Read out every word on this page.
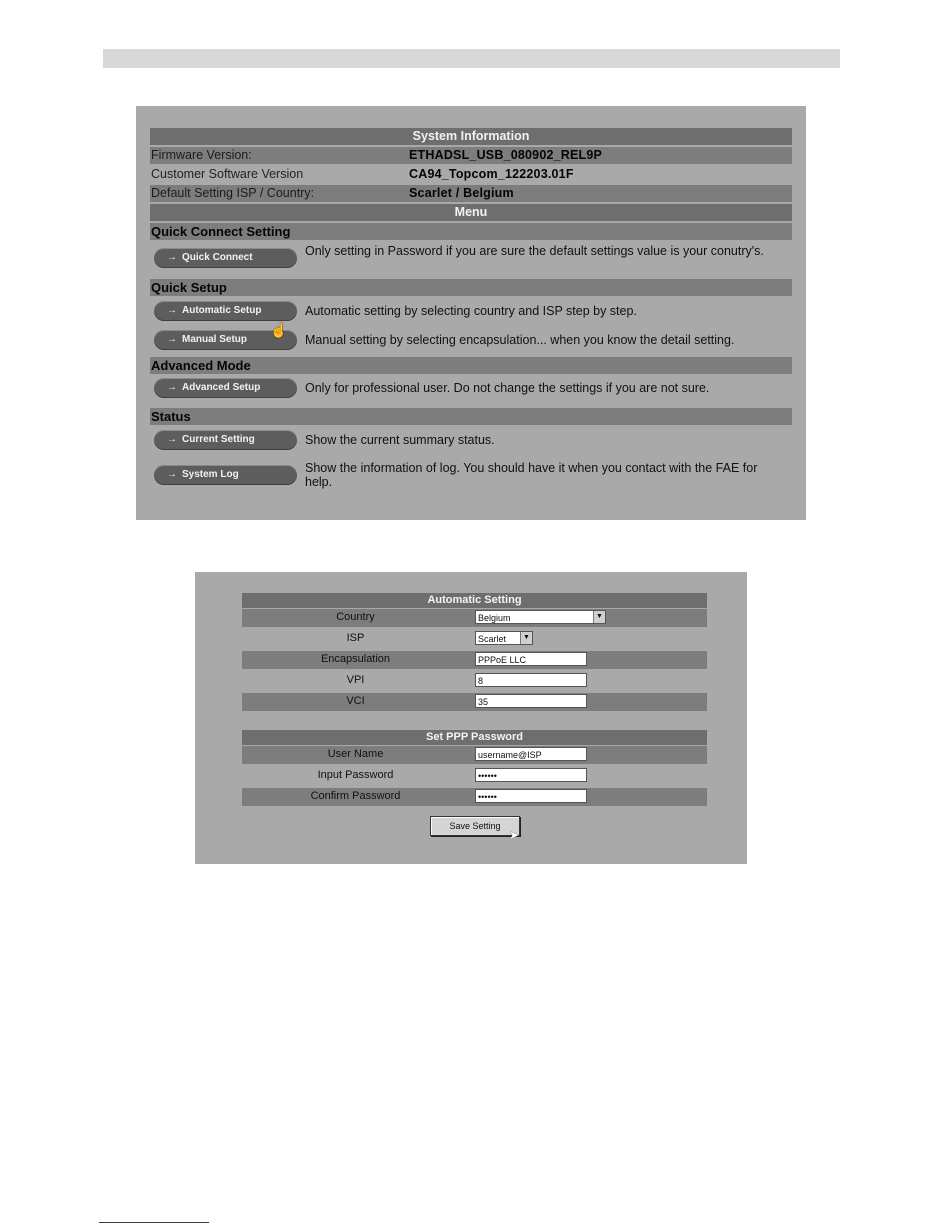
System Information
Firmware Version:	ETHADSL_USB_080902_REL9P
Customer Software Version	CA94_Topcom_122203.01F
Default Setting ISP / Country:	Scarlet / Belgium
Menu
Quick Connect Setting
→ Quick Connect	Only setting in Password if you are sure the default settings value is your conutry's.
Quick Setup
→ Automatic Setup	Automatic setting by selecting country and ISP step by step.
→ Manual Setup	Manual setting by selecting encapsulation... when you know the detail setting.
Advanced Mode
→ Advanced Setup	Only for professional user. Do not change the settings if you are not sure.
Status
→ Current Setting	Show the current summary status.
→ System Log	Show the information of log. You should have it when you contact with the FAE for help.
☝
Automatic Setting
Country	Belgium	▼
ISP	Scarlet	▼
Encapsulation	PPPoE LLC
VPI	8
VCI	35
Set PPP Password
User Name	username@ISP
Input Password	••••••
Confirm Password	••••••
Save Setting
➤
